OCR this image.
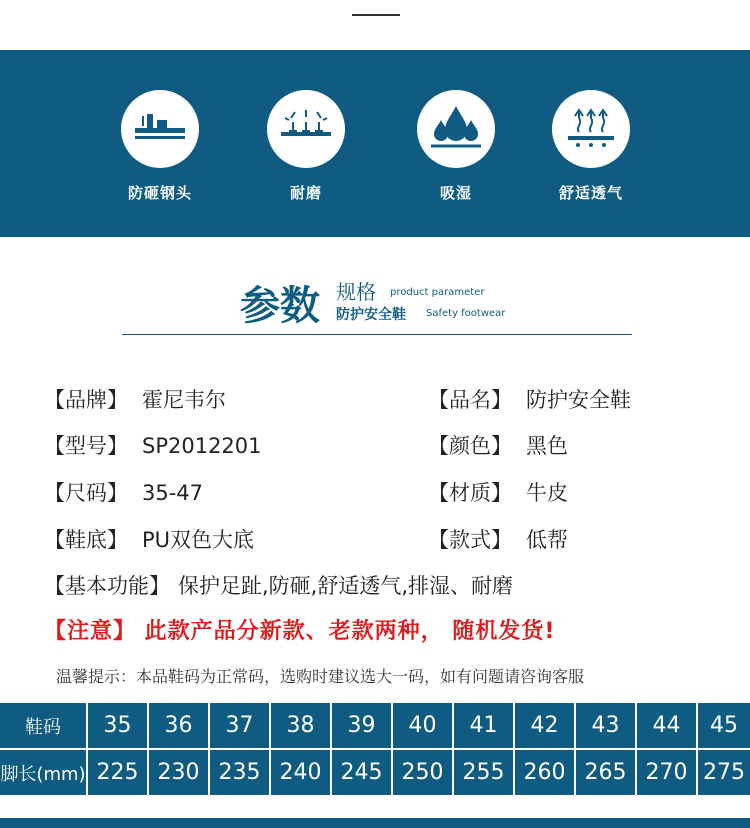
防砸钢头	耐磨	吸湿	舒适透气
参数 规格 product parameter
防护安全鞋 Safety footwear
【品牌】 霍尼韦尔	【品名】 防护安全鞋
【型号】 SP2012201	【颜色】 黑色
【尺码】 35-47	【材质】 牛皮
【鞋底】 PU双色大底	【款式】 低帮
【基本功能】 保护足趾,防砸,舒适透气,排湿、耐磨
【注意】 此款产品分新款、老款两种， 随机发货!
温馨提示：本品鞋码为正常码，选购时建议选大一码，如有问题请咨询客服
鞋码	35	36	37	38	39	40	41	42	43	44	45
脚长(mm) 225 230 235 240 245 250 255 260 265 270 275
